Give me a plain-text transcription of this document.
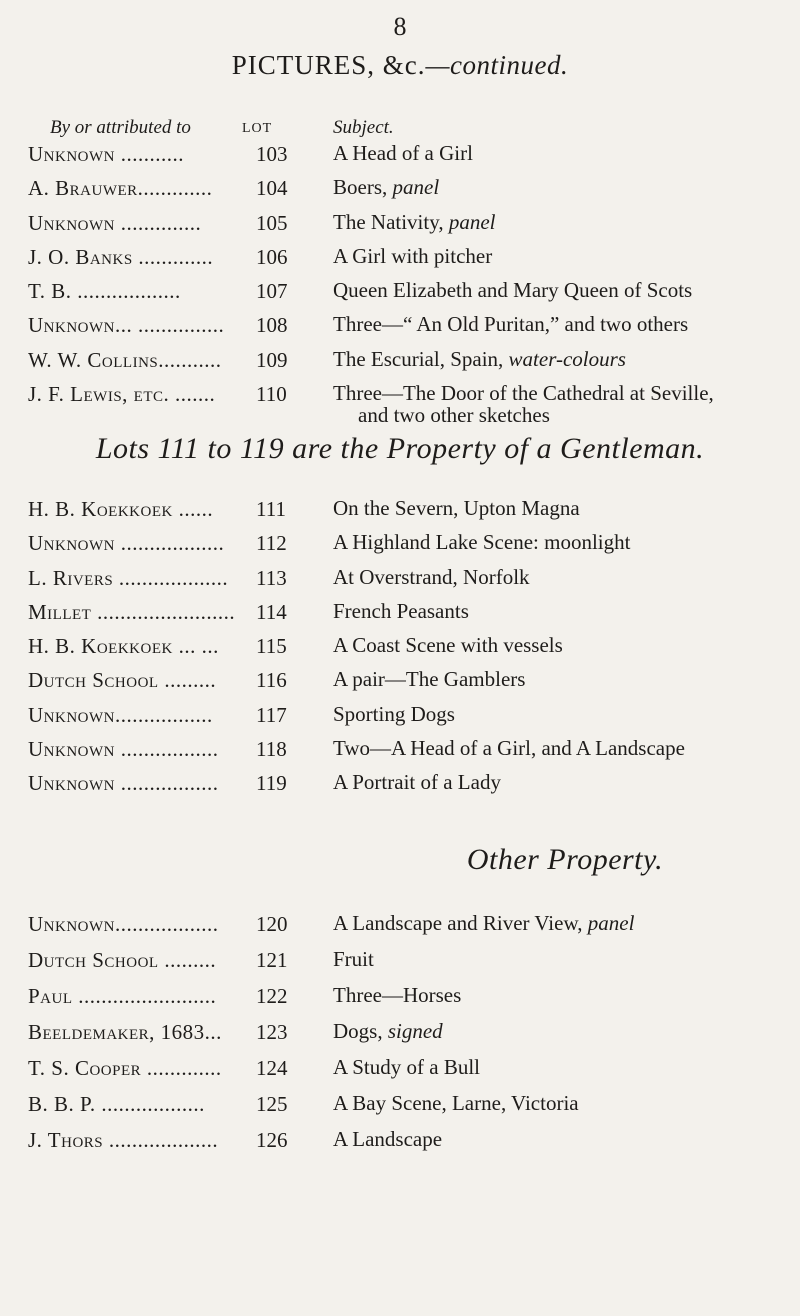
8
PICTURES, &c.—continued.
By or attributed to	LOT	Subject.
Unknown ...........	103	A Head of a Girl
A. Brauwer.............	104	Boers, panel
Unknown ..............	105	The Nativity, panel
J. O. Banks .............	106	A Girl with pitcher
T. B. ..................	107	Queen Elizabeth and Mary Queen of Scots
Unknown... ...............	108	Three—“ An Old Puritan,” and two others
W. W. Collins...........	109	The Escurial, Spain, water-colours
J. F. Lewis, etc. .......	110	Three—The Door of the Cathedral at Seville,
and two other sketches
Lots 111 to 119 are the Property of a Gentleman.
H. B. Koekkoek ......	111	On the Severn, Upton Magna
Unknown ..................	112	A Highland Lake Scene: moonlight
L. Rivers ...................	113	At Overstrand, Norfolk
Millet ........................ 114	French Peasants
H. B. Koekkoek ... ...	115	A Coast Scene with vessels
Dutch School .........	116	A pair—The Gamblers
Unknown.................	117	Sporting Dogs
Unknown .................	118	Two—A Head of a Girl, and A Landscape
Unknown .................	119	A Portrait of a Lady
Other Property.
Unknown..................	120	A Landscape and River View, panel
Dutch School .........	121	Fruit
Paul ........................	122	Three—Horses
Beeldemaker, 1683...	123	Dogs, signed
T. S. Cooper .............	124	A Study of a Bull
B. B. P. ..................	125	A Bay Scene, Larne, Victoria
J. Thors ...................	126	A Landscape
